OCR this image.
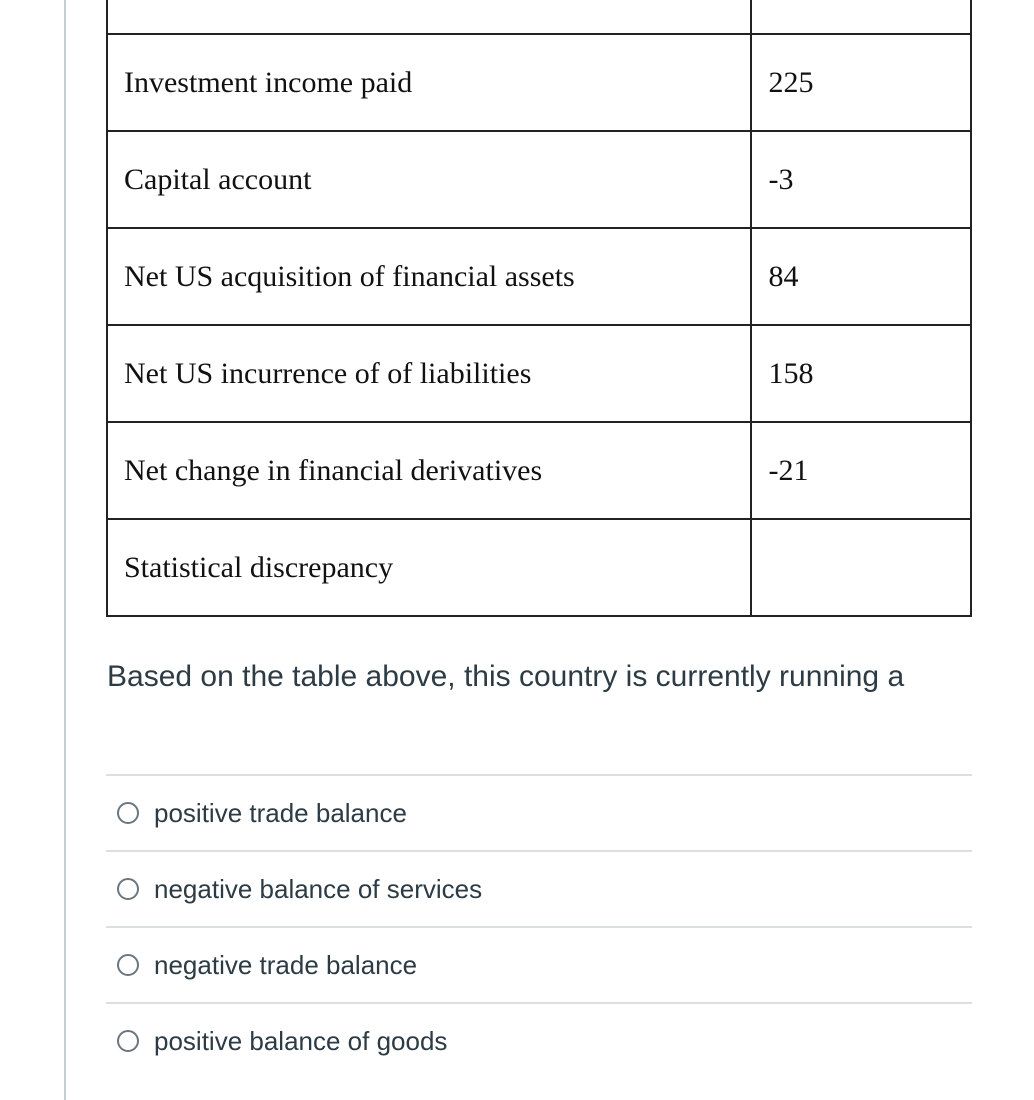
Investment income paid	225
Capital account	-3
Net US acquisition of financial assets	84
Net US incurrence of of liabilities	158
Net change in financial derivatives	-21
Statistical discrepancy	
Based on the table above, this country is currently running a
positive trade balance
negative balance of services
negative trade balance
positive balance of goods
